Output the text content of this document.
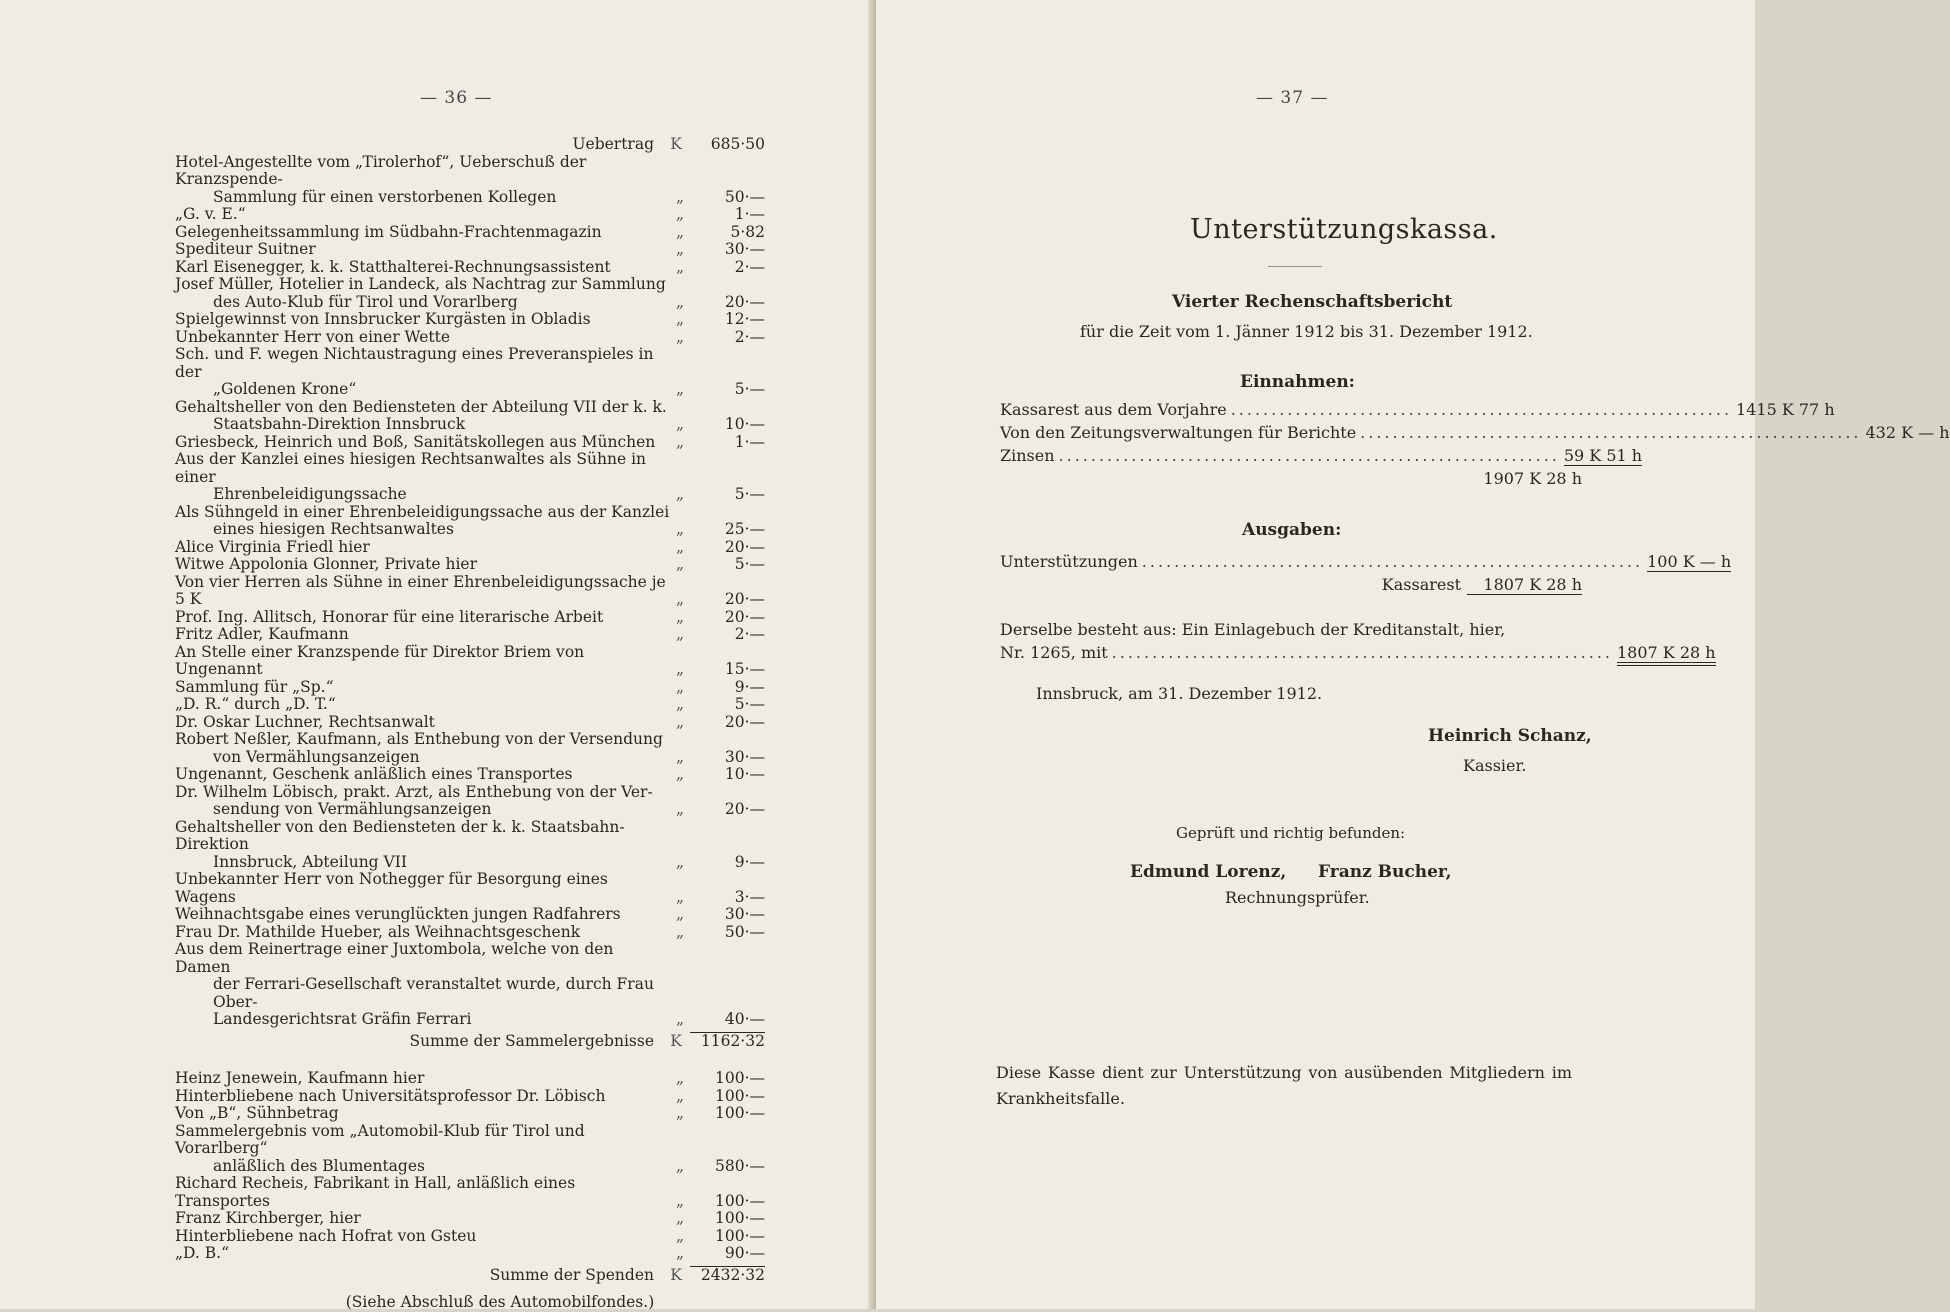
— 36 —
Uebertrag	K	685·50
Hotel-Angestellte vom „Tirolerhof“, Ueberschuß der Kranzspende-
Sammlung für einen verstorbenen Kollegen	„	50·—
„G. v. E.“	„	1·—
Gelegenheitssammlung im Südbahn-Frachtenmagazin	„	5·82
Spediteur Suitner	„	30·—
Karl Eisenegger, k. k. Statthalterei-Rechnungsassistent	„	2·—
Josef Müller, Hotelier in Landeck, als Nachtrag zur Sammlung
des Auto-Klub für Tirol und Vorarlberg	„	20·—
Spielgewinnst von Innsbrucker Kurgästen in Obladis	„	12·—
Unbekannter Herr von einer Wette	„	2·—
Sch. und F. wegen Nichtaustragung eines Preveranspieles in der
„Goldenen Krone“	„	5·—
Gehaltsheller von den Bediensteten der Abteilung VII der k. k.
Staatsbahn-Direktion Innsbruck	„	10·—
Griesbeck, Heinrich und Boß, Sanitätskollegen aus München	„	1·—
Aus der Kanzlei eines hiesigen Rechtsanwaltes als Sühne in einer
Ehrenbeleidigungssache	„	5·—
Als Sühngeld in einer Ehrenbeleidigungssache aus der Kanzlei
eines hiesigen Rechtsanwaltes	„	25·—
Alice Virginia Friedl hier	„	20·—
Witwe Appolonia Glonner, Private hier	„	5·—
Von vier Herren als Sühne in einer Ehrenbeleidigungssache je 5 K	„	20·—
Prof. Ing. Allitsch, Honorar für eine literarische Arbeit	„	20·—
Fritz Adler, Kaufmann	„	2·—
An Stelle einer Kranzspende für Direktor Briem von Ungenannt	„	15·—
Sammlung für „Sp.“	„	9·—
„D. R.“ durch „D. T.“	„	5·—
Dr. Oskar Luchner, Rechtsanwalt	„	20·—
Robert Neßler, Kaufmann, als Enthebung von der Versendung
von Vermählungsanzeigen	„	30·—
Ungenannt, Geschenk anläßlich eines Transportes	„	10·—
Dr. Wilhelm Löbisch, prakt. Arzt, als Enthebung von der Ver-
sendung von Vermählungsanzeigen	„	20·—
Gehaltsheller von den Bediensteten der k. k. Staatsbahn-Direktion
Innsbruck, Abteilung VII	„	9·—
Unbekannter Herr von Nothegger für Besorgung eines Wagens	„	3·—
Weihnachtsgabe eines verunglückten jungen Radfahrers	„	30·—
Frau Dr. Mathilde Hueber, als Weihnachtsgeschenk	„	50·—
Aus dem Reinertrage einer Juxtombola, welche von den Damen
der Ferrari-Gesellschaft veranstaltet wurde, durch Frau Ober-
Landesgerichtsrat Gräfin Ferrari	„	40·—
Summe der Sammelergebnisse	K	1162·32
Heinz Jenewein, Kaufmann hier	„	100·—
Hinterbliebene nach Universitätsprofessor Dr. Löbisch	„	100·—
Von „B“, Sühnbetrag	„	100·—
Sammelergebnis vom „Automobil-Klub für Tirol und Vorarlberg“
anläßlich des Blumentages	„	580·—
Richard Recheis, Fabrikant in Hall, anläßlich eines Transportes	„	100·—
Franz Kirchberger, hier	„	100·—
Hinterbliebene nach Hofrat von Gsteu	„	100·—
„D. B.“	„	90·—
Summe der Spenden	K	2432·32
(Siehe Abschluß des Automobilfondes.)
— 37 —
Unterstützungskassa.
Vierter Rechenschaftsbericht
für die Zeit vom 1. Jänner 1912 bis 31. Dezember 1912.
Einnahmen:
Kassarest aus dem Vorjahre .............................................................. 1415 K 77 h
Von den Zeitungsverwaltungen für Berichte .............................................................. 432 K — h
Zinsen .............................................................. 59 K 51 h
1907 K 28 h
Ausgaben:
Unterstützungen .............................................................. 100 K — h
Kassarest	1807 K 28 h
Derselbe besteht aus: Ein Einlagebuch der Kreditanstalt, hier,
Nr. 1265, mit .............................................................. 1807 K 28 h
Innsbruck, am 31. Dezember 1912.
Heinrich Schanz,
Kassier.
Geprüft und richtig befunden:
Edmund Lorenz, Franz Bucher,
Rechnungsprüfer.
Diese Kasse dient zur Unterstützung von ausübenden Mitgliedern im Krankheitsfalle.
